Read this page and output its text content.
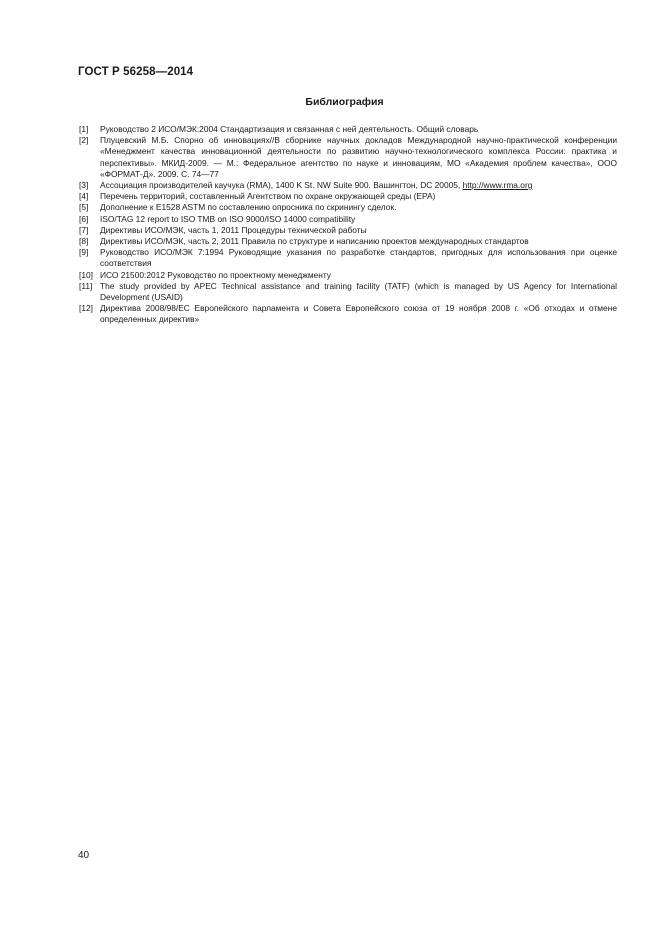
ГОСТ Р 56258—2014
Библиография
[1]	Руководство 2 ИСО/МЭК:2004 Стандартизация и связанная с ней деятельность. Общий словарь
[2]	Плуцевский М.Б. Спорно об инновациях//В сборнике научных докладов Международной научно-практической конференции «Менеджмент качества инновационной деятельности по развитию научно-технологического комплекса России: практика и перспективы». МКИД-2009. — М.: Федеральное агентство по науке и инновациям, МО «Академия проблем качества», ООО «ФОРМАТ-Д». 2009. С. 74—77
[3]	Ассоциация производителей каучука (RMA), 1400 K St. NW Suite 900. Вашингтон, DC 20005, http://www.rma.org
[4]	Перечень территорий, составленный Агентством по охране окружающей среды (EPA)
[5]	Дополнение к E1528 ASTM по составлению опросника по скринингу сделок.
[6]	ISO/TAG 12 report to ISO TMB on ISO 9000/ISO 14000 compatibility
[7]	Директивы ИСО/МЭК, часть 1, 2011 Процедуры технической работы
[8]	Директивы ИСО/МЭК, часть 2, 2011 Правила по структуре и написанию проектов международных стандартов
[9]	Руководство ИСО/МЭК 7:1994 Руководящие указания по разработке стандартов, пригодных для использования при оценке соответствия
[10] ИСО 21500:2012 Руководство по проектному менеджменту
[11] The study provided by APEC Technical assistance and training facility (TATF) (which is managed by US Agency for International Development (USAID)
[12] Директива 2008/98/EC Европейского парламента и Совета Европейского союза от 19 ноября 2008 г. «Об отходах и отмене определенных директив»
40
